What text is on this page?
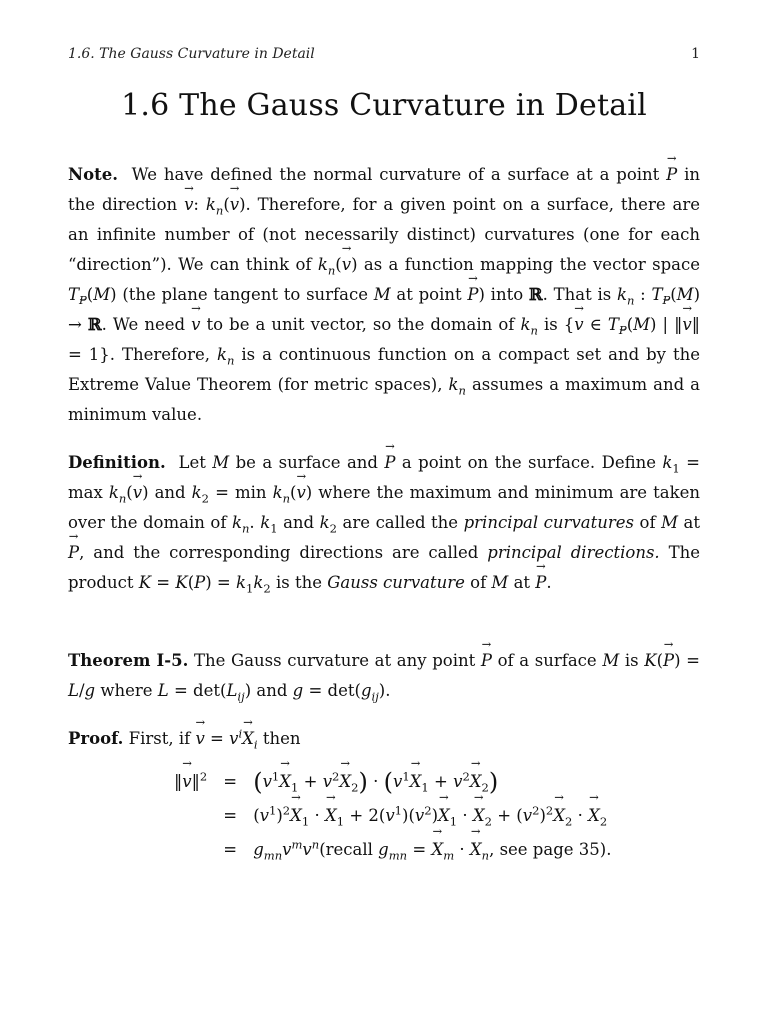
1.6. The Gauss Curvature in Detail	1
1.6 The Gauss Curvature in Detail

Note.  We have defined the normal curvature of a surface at a point → P in the direction → v: $k_n(\to v)$. Therefore, for a given point on a surface, there are an infinite number of (not necessarily distinct) curvatures (one for each “direction”). We can think of $k_n(\to v)$ as a function mapping the vector space $T_P(M)$ (the plane tangent to surface M at point → P) into ℝ. That is $k_n$ : $T_P(M)$ → ℝ. We need → v to be a unit vector, so the domain of $k_n$ is {→ v ∈ $T_P(M)$ | ‖→ v‖ = 1}. Therefore, $k_n$ is a continuous function on a compact set and by the Extreme Value Theorem (for metric spaces), $k_n$ assumes a maximum and a minimum value.

Definition.  Let M be a surface and → P a point on the surface. Define $k_1 = \max k_n(\to v)$ and $k_2 = \min k_n(\to v)$ where the maximum and minimum are taken over the domain of $k_n$. $k_1$ and $k_2$ are called the principal curvatures of M at → P, and the corresponding directions are called principal directions. The product $K = K(P) = k_1k_2$ is the Gauss curvature of M at → P.

Theorem I-5. The Gauss curvature at any point → P of a surface M is K(→ P) = L/g where $L = \det(L_{ij})$ and $g = \det(g_{ij})$.

Proof. First, if → $v = v^i\to X_i$ then

‖→ v‖$^2$	=	$(v^1\to X_1 + v^2\to X_2) \cdot (v^1\to X_1 + v^2\to X_2)$
	=	$(v^1)^2\to X_1$ · → $X_1 + 2(v^1)(v^2)\to X_1$ · → $X_2 + (v^2)^2\to X_2$ · → $X_2$
	=	$g_{mn}v^mv^n(recall$ $g_{mn}$ = → $X_m$ · → $X_n$, see page 35).
